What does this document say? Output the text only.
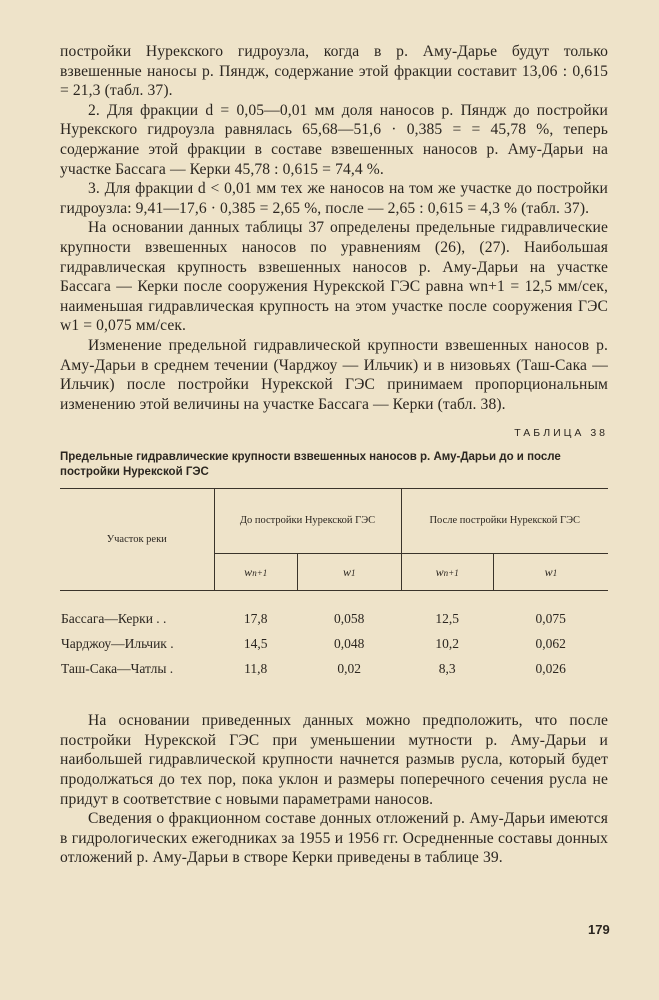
постройки Нурекского гидроузла, когда в р. Аму-Дарье будут только взвешенные наносы р. Пяндж, содержание этой фракции составит 13,06 : 0,615 = 21,3 (табл. 37).

2. Для фракции d = 0,05—0,01 мм доля наносов р. Пяндж до постройки Нурекского гидроузла равнялась 65,68—51,6 · 0,385 = = 45,78 %, теперь содержание этой фракции в составе взвешенных наносов р. Аму-Дарьи на участке Бассага — Керки 45,78 : 0,615 = 74,4 %.

3. Для фракции d < 0,01 мм тех же наносов на том же участке до постройки гидроузла: 9,41—17,6 · 0,385 = 2,65 %, после — 2,65 : 0,615 = 4,3 % (табл. 37).

На основании данных таблицы 37 определены предельные гидравлические крупности взвешенных наносов по уравнениям (26), (27). Наибольшая гидравлическая крупность взвешенных наносов р. Аму-Дарьи на участке Бассага — Керки после сооружения Нурекской ГЭС равна wn+1 = 12,5 мм/сек, наименьшая гидравлическая крупность на этом участке после сооружения ГЭС w1 = 0,075 мм/сек.

Изменение предельной гидравлической крупности взвешенных наносов р. Аму-Дарьи в среднем течении (Чарджоу — Ильчик) и в низовьях (Таш-Сака — Ильчик) после постройки Нурекской ГЭС принимаем пропорциональным изменению этой величины на участке Бассага — Керки (табл. 38).

ТАБЛИЦА 38

Предельные гидравлические крупности взвешенных наносов р. Аму-Дарьи до и после постройки Нурекской ГЭС

Участок реки	До постройки Нурекской ГЭС		После постройки Нурекской ГЭС	
	wn+1	w1	wn+1	w1
Бассага—Керки . .	17,8	0,058	12,5	0,075
Чарджоу—Ильчик .	14,5	0,048	10,2	0,062
Таш-Сака—Чатлы .	11,8	0,02	8,3	0,026

На основании приведенных данных можно предположить, что после постройки Нурекской ГЭС при уменьшении мутности р. Аму-Дарьи и наибольшей гидравлической крупности начнется размыв русла, который будет продолжаться до тех пор, пока уклон и размеры поперечного сечения русла не придут в соответствие с новыми параметрами наносов.

Сведения о фракционном составе донных отложений р. Аму-Дарьи имеются в гидрологических ежегодниках за 1955 и 1956 гг. Осредненные составы донных отложений р. Аму-Дарьи в створе Керки приведены в таблице 39.

179
